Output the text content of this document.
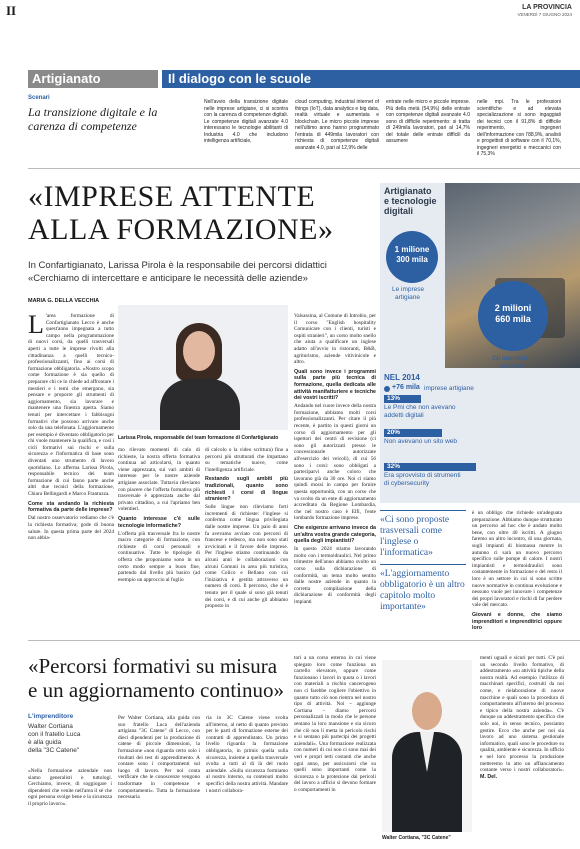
II	LA PROVINCIA
VENERDÌ 7 GIUGNO 2024
Artigianato	Il dialogo con le scuole
Scenari
La transizione digitale e la carenza di competenze
Nell'avvio della transizione digitale nelle imprese artigiane, ci si scontra con la carenza di competenze digitali. Le competenze digitali avanzate 4.0 interessano le tecnologie abilitanti di Industria 4.0 che includono intelligenza artificiale,
cloud computing, industrial internet of things (IoT), data analytics e big data, realtà virtuale e aumentata e blockchain. Le micro piccole imprese nell'ultimo anno hanno programmato l'entrata di 449mila lavoratori con richiesta di competenze digitali avanzate 4.0, pari al 12,9% delle
entrate nelle micro e piccole imprese. Più della metà (54,9%) delle entrate con competenze digitali avanzate 4.0 sono di difficile reperimento: si tratta di 249mila lavoratori, pari al 14,7% del totale delle entrate difficili da assumere
nelle mpi. Tra le professioni scientifiche e ad elevata specializzazione si sono ingaggiati dei tecnici con il 91,8% di difficile reperimento, ingegneri dell'informazione con l'88,9%, analisti e progettisti di software con il 70,1%, ingegneri energetici e meccanici con il 75,3%
«IMPRESE ATTENTE
ALLA FORMAZIONE»
In Confartigianato, Larissa Pirola è la responsabile dei percorsi didattici
«Cerchiamo di intercettare e anticipare le necessità delle aziende»
Artigianato
e tecnologie
digitali
1 milione
300 mila
Le imprese
artigiane
2 milioni
660 mila
Gli operatori
coinvolti
NEL 2014
+76 mila imprese artigiane
13%
Le Pmi che non avevano
addetti digitali
20%
Non avevano un sito web
32%
Era sprovvisto di strumenti
di cybersecurity
«Ci sono proposte trasversali come l'inglese o l'informatica»
«L'aggiornamento obbligatorio è un altro capitolo molto importante»
MARIA G. DELLA VECCHIA
L 'area formazione di Confartigianato Lecco è anche quest'anno impegnata a tutto campo nella programmazione di nuovi corsi, da quelli trasversali aperti a tutte le imprese rivolti alla cittadinanza a quelli tecnico-professionalizzanti, fino ai corsi di formazione obbligatoria. «Nostro scopo come formazione è sia quello di preparare chi ce lo chiede ad affrontare i mestieri e i temi che emergono, sia pensare e proporre gli strumenti di aggiornamento, sia lavorare e mantenere una finestra aperta. Siamo tenuti per intercettare i fabbisogni formativi che possono arrivare anche solo da una telefonata. L'aggiornamento per esempio è diventato obbligatorio per chi vuole mantenere la qualifica, e così i cicli formativi sui rischi e sulla sicurezza e l'informatica di base sono diventati uno strumento di lavoro quotidiano. Lo afferma Larissa Pirola, responsabile tecnico del team formazione di cui fanno parte anche altri due tecnici della formazione, Chiara Bellingardi e Marco Frantuzza.

Come sta andando la richiesta formativa da parte delle imprese?

Dal nostro osservatorio vediamo che c'è la richiesta formativa; gode di buona salute. In questa prima parte del 2024 non abbia-

Larissa Pirola, responsabile del team formazione di Confartigianato

mo rilevato momenti di calo di richieste, la nostra offerta formativa continua ad articolarsi, in quanto viene apprezzata, sui vari ambiti di interesse per le nostre aziende artigiane associate. Tuttavia rileviamo con piacere che l'offerta formativa più trasversale è apprezzata anche dal privato cittadino, a cui l'apriamo ben volentieri.

Quanto interesse c'è sulle tecnologie informatiche?

L'offerta più trasversale fra le nostre macro categorie di formazione, con richieste di corsi personali e continuative. Tutte le tipologie di offerta che proponiamo sono in un certo modo sempre a buon fine, partendo dal livello più basico (ad esempio un approccio al foglio

di calcolo o la video scrittura) fino a percorsi più strutturati che impattano su tematiche nuove, come l'intelligenza artificiale.

Restando sugli ambiti più tradizionali, quanto sono richiesti i corsi di lingue straniere?

Sulle lingue non rileviamo forti incrementi di richieste: l'inglese si conferma come lingua privilegiata dalle nostre imprese. Un paio di anni fa avevamo avviato con percorsi di francese e tedesco, ma non sono stati avvicinati e il favore delle imprese. Per l'inglese stiamo continuando da alcuni anni le collaborazioni con alcuni Comuni in area più turistica, come Colico e Bellano con cui l'iniziativa è gestita attraverso un numero di corsi. Il percorso, che si è tenuto per il quale si sono già tenuti dei corsi, e di cui anche gli abbiamo proposto in

Valsassina, al Comune di Introbio, per il corso "English hospitality Comunicare con i clienti, turisti e ospiti stranieri", un corso molto snello che aiuta a qualificare un inglese adatto all'avvio in ristoranti, B&B, agriturismo, aziende vitivinicole e altro.

Quali sono invece i programmi sulla parte più tecnica di formazione, quella dedicata alle attività manifatturiere e tecniche dei vostri iscritti?

Andando nel cuore invece della nostra formazione, abbiamo molti corsi professionalizzanti. Per citare il più recente, è partito in questi giorni un corso di aggiornamento per gli ispettori dei centri di revisione (ci sono gli autorizzati presso le concessionarie autorizzate all'esercizio dei veicoli), di cui 56 sono i corsi: sono obbligati a parteciparvi anche coloro che lavorano già da 30 ore. Noi ci siamo quindi mossi in campo per fornire questa opportunità, con un corso che va svolto da un ente di aggiornamento accreditato da Regione Lombardia, che nel nostro caso è Elfi, l'ente lombardo formazione imprese.

Che esigenze arrivano invece da un'altra vostra grande categoria, quella degli impiantisti?

In questo 2024 stiamo lavorando molto con i termoidraulici. Nel primo trimestre dell'anno abbiamo svolto un corso sulla dichiarazione di conformità, un tema molto sentito dalle nostre aziende in quanto la corretta compilazione della dichiarazione di conformità degli impianti

è un obbligo che richiede un'adeguata preparazione. Abbiamo dunque strutturato un percorso ad hoc che è andato molto bene, con oltre 40 iscritti. A giugno faremo un altro incontro, di una giornata, sugli impianti di biomassa mentre in autunno ci sarà un nuovo percorso specifico sulle pompe di calore. I nostri impiantisti e termoidraulici sono costantemente in formazione e del resto il loro è un settore in cui si sono scritte nuove normative in continua evoluzione e nessuno vuole per innovare i competenze dei propri lavoratori e rischi di far perdere vale del mercato.

Giovani e donne, che siamo imprenditori e imprenditrici oppure loro

«Percorsi formativi su misura
e un aggiornamento continuo»
L'imprenditore
Walter Cortiana
con il fratello Luca
è alla guida
della "3C Catene"
«Nella formazione aziendale non siamo generalisti e tuttologi. Cerchiamo, invece, di soggiogare i dipendenti che venite nell'area il sé che ogni persona svolge bene e la sicurezza il proprio lavoro».
Per Walter Cortiana, alla guida con suo fratello Luca dell'azienda artigiana "3C Catene" di Lecco, con dieci dipendenti per la produzione di catene di piccole dimensioni, la formazione «non riguarda certo solo i risultati dei test di apprendimento. A contare sono i comportamenti sul luogo di lavoro. Per noi conta verificare che le conoscenze vengono trasformate in competenze e comportamenti». Tutta la formazione necessaria
ria in 3C Catene viene svolta all'interno, al netto di quanto previsto per le parti di formazione esterne dei contratti di apprendistato. Un primo livello riguarda la formazione obbligatoria, in primis quella sulla sicurezza, insieme a quella trasversale svolta a tutti al di là del ruolo aziendale. «Sulla sicurezza formiamo al nostro interno, su contenuti molto specifici della nostra attività. Mandare i nostri collabora-
tori a un corso esterno in cui viene spiegato loro come funziona un carrello elevatore, oppure come funzionano i lavori in quota o i lavori con materiali a rischio cancerogeno non ci farebbe cogliere l'obiettivo in quanto tutto ciò non rientra nel nostro tipo di attività. Noi – aggiunge Cortiana – diamo percorsi personalizzati in modo che le persone sentano la loro mansione e sia sicuro che ciò non li metta in pericolo rischi e si sentano più partecipi dei progetti aziendali». Una formazione realizzata con numeri di cui non ci sono mai dei veri e propri tetti costanti che anche ogni anno, per assicurarsi che su quelli sono importanti come la sicurezza o la protezione dai pericoli del lavoro a ufficio si devono formare o comportamenti in
Walter Cortiana, "3C Catene"
menti uguali e sicuri per tutti. C'è poi un secondo livello formativo, di addestramento «su attività tipiche della nostra realtà. Ad esempio l'utilizzo di macchinari specifici, costruiti da noi come, e rielaborazione di nuove macchine e quali sono la procedura di comportamento all'interno del processo e tipico della nostra azienda». C'è dunque un addestramento specifico che solo noi, in senso tecnico, possiamo gestire. Ecco che anche per noi sia lavoro ad uno sistema gestionale informatico, quali sono le procedure su qualità, ambiente e sicurezza. In ufficio e nel loro processo la produzione metteremo in atto un affiancamento costante verso i nostri collaboratori». M. Del.
